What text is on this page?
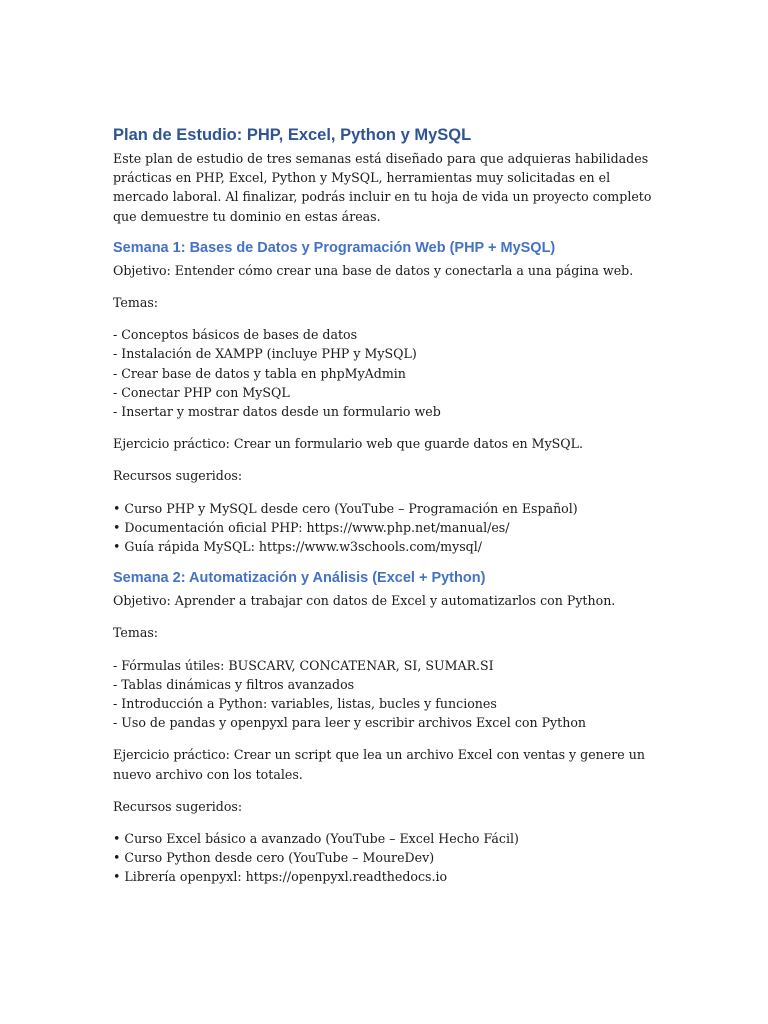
Plan de Estudio: PHP, Excel, Python y MySQL

Este plan de estudio de tres semanas está diseñado para que adquieras habilidades prácticas en PHP, Excel, Python y MySQL, herramientas muy solicitadas en el mercado laboral. Al finalizar, podrás incluir en tu hoja de vida un proyecto completo que demuestre tu dominio en estas áreas.

Semana 1: Bases de Datos y Programación Web (PHP + MySQL)

Objetivo: Entender cómo crear una base de datos y conectarla a una página web.

Temas:

- Conceptos básicos de bases de datos
- Instalación de XAMPP (incluye PHP y MySQL)
- Crear base de datos y tabla en phpMyAdmin
- Conectar PHP con MySQL
- Insertar y mostrar datos desde un formulario web

Ejercicio práctico: Crear un formulario web que guarde datos en MySQL.

Recursos sugeridos:

• Curso PHP y MySQL desde cero (YouTube – Programación en Español)
• Documentación oficial PHP: https://www.php.net/manual/es/
• Guía rápida MySQL: https://www.w3schools.com/mysql/
Semana 2: Automatización y Análisis (Excel + Python)

Objetivo: Aprender a trabajar con datos de Excel y automatizarlos con Python.

Temas:

- Fórmulas útiles: BUSCARV, CONCATENAR, SI, SUMAR.SI
- Tablas dinámicas y filtros avanzados
- Introducción a Python: variables, listas, bucles y funciones
- Uso de pandas y openpyxl para leer y escribir archivos Excel con Python

Ejercicio práctico: Crear un script que lea un archivo Excel con ventas y genere un nuevo archivo con los totales.

Recursos sugeridos:

• Curso Excel básico a avanzado (YouTube – Excel Hecho Fácil)
• Curso Python desde cero (YouTube – MoureDev)
• Librería openpyxl: https://openpyxl.readthedocs.io
